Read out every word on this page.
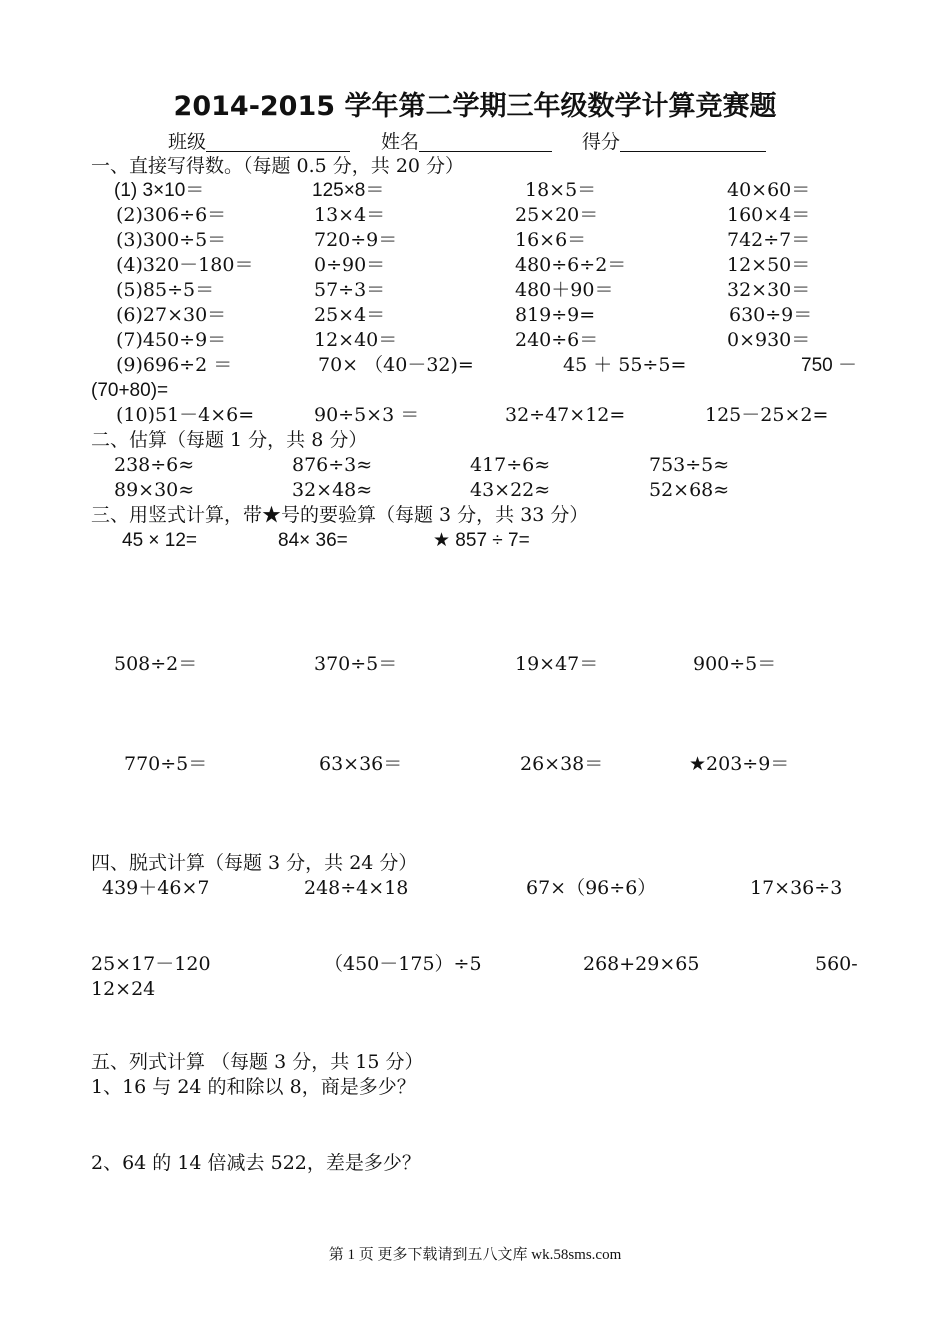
2014-2015 学年第二学期三年级数学计算竞赛题
班级	姓名	得分
一、直接写得数。（每题 0.5 分，共 20 分）
(1) 3×10＝	125×8＝	18×5＝	40×60＝
(2)306÷6＝	13×4＝	25×20＝	160×4＝
(3)300÷5＝	720÷9＝	16×6＝	742÷7＝
(4)320－180＝	0÷90＝	480÷6÷2＝	12×50＝
(5)85÷5＝	57÷3＝	480＋90＝	32×30＝
(6)27×30＝	25×4＝	819÷9=	630÷9＝
(7)450÷9＝	12×40＝	240÷6＝	0×930＝
(9)696÷2 ＝	70× （40－32)=	45 ＋ 55÷5=	750 －
(70+80)=
(10)51－4×6=	90÷5×3 ＝	32÷47×12=	125－25×2=
二、估算（每题 1 分，共 8 分）
238÷6≈	876÷3≈	417÷6≈	753÷5≈
89×30≈	32×48≈	43×22≈	52×68≈
三、用竖式计算，带★号的要验算（每题 3 分，共 33 分）
45 × 12=	84× 36=	★ 857 ÷ 7=
508÷2＝	370÷5＝	19×47＝	900÷5＝
770÷5＝	63×36＝	26×38＝	★203÷9＝
四、脱式计算（每题 3 分，共 24 分）
439＋46×7	248÷4×18	67×（96÷6）	17×36÷3
25×17－120	（450－175）÷5	268+29×65	560-
12×24
五、列式计算 （每题 3 分，共 15 分）
1、16 与 24 的和除以 8，商是多少？
2、64 的 14 倍减去 522，差是多少？
第 1 页 更多下载请到五八文库 wk.58sms.com
